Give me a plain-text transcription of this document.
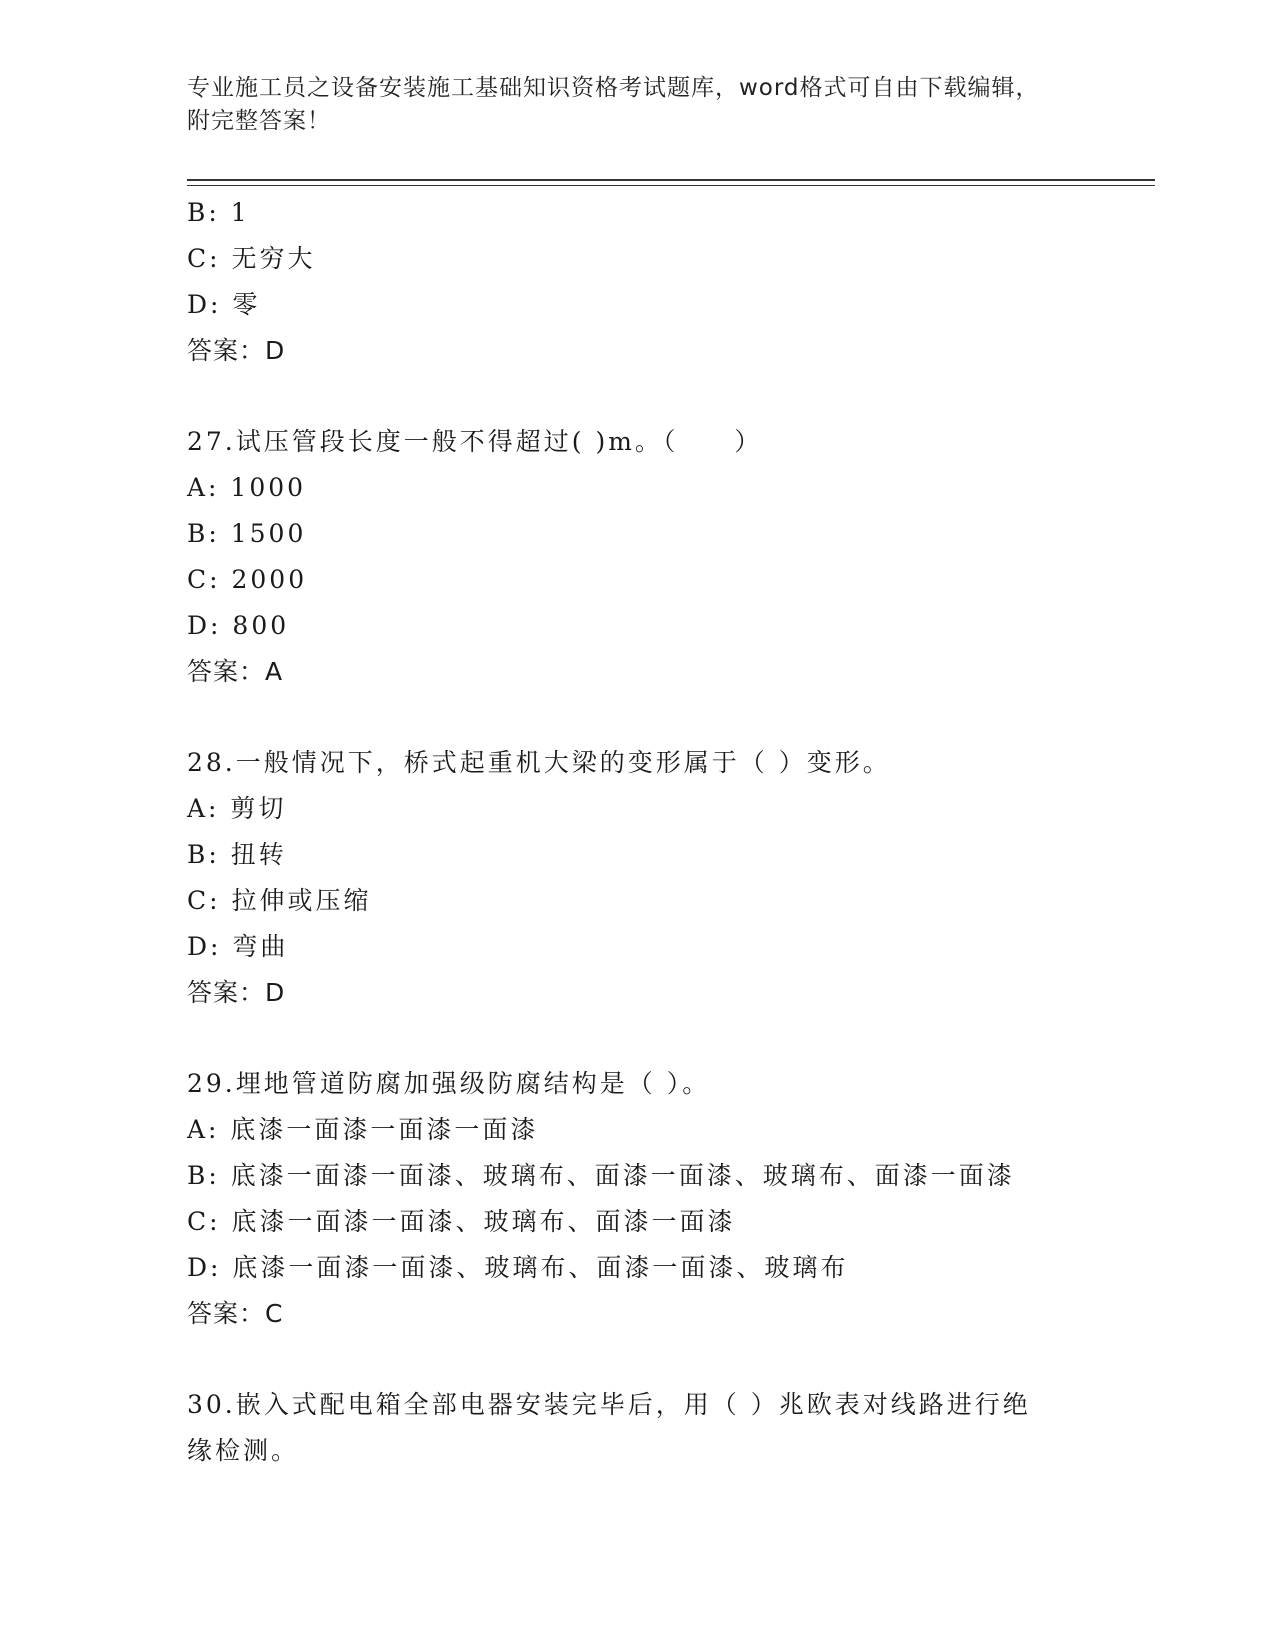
专业施工员之设备安装施工基础知识资格考试题库，word格式可自由下载编辑，
附完整答案！
B: 1
C: 无穷大
D: 零
答案：D
27.试压管段长度一般不得超过( )m。（　　）
A: 1000
B: 1500
C: 2000
D: 800
答案：A
28.一般情况下，桥式起重机大梁的变形属于（ ）变形。
A: 剪切
B: 扭转
C: 拉伸或压缩
D: 弯曲
答案：D
29.埋地管道防腐加强级防腐结构是（ ）。
A: 底漆一面漆一面漆一面漆
B: 底漆一面漆一面漆、玻璃布、面漆一面漆、玻璃布、面漆一面漆
C: 底漆一面漆一面漆、玻璃布、面漆一面漆
D: 底漆一面漆一面漆、玻璃布、面漆一面漆、玻璃布
答案：C
30.嵌入式配电箱全部电器安装完毕后，用（ ）兆欧表对线路进行绝
缘检测。
